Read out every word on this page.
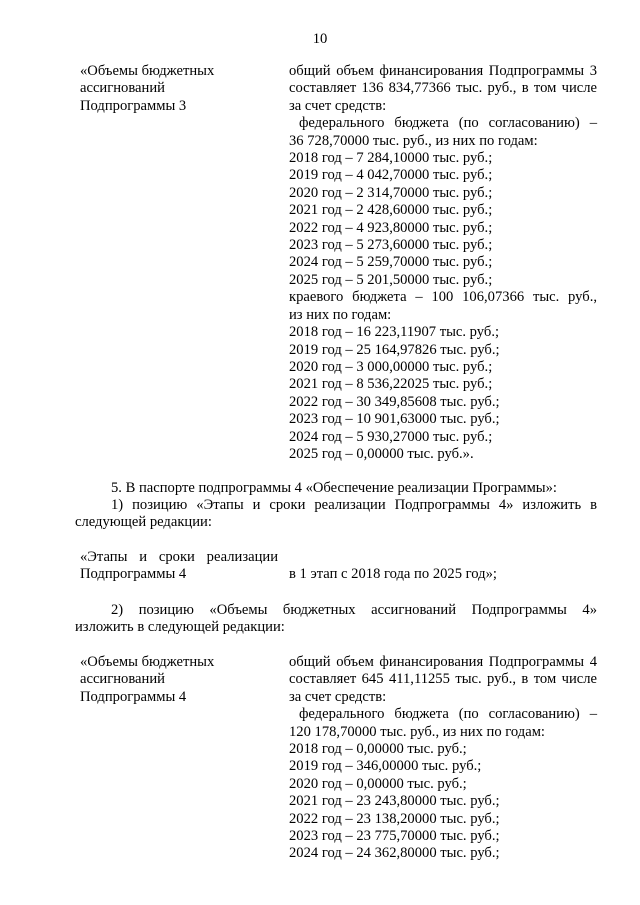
10
«Объемы бюджетных
ассигнований
Подпрограммы 3
общий объем финансирования Подпрограммы 3
составляет 136 834,77366 тыс. руб., в том числе
за счет средств:
федерального бюджета (по согласованию) –
36 728,70000 тыс. руб., из них по годам:
2018 год – 7 284,10000 тыс. руб.;
2019 год – 4 042,70000 тыс. руб.;
2020 год – 2 314,70000 тыс. руб.;
2021 год – 2 428,60000 тыс. руб.;
2022 год – 4 923,80000 тыс. руб.;
2023 год – 5 273,60000 тыс. руб.;
2024 год – 5 259,70000 тыс. руб.;
2025 год – 5 201,50000 тыс. руб.;
краевого бюджета – 100 106,07366 тыс. руб.,
из них по годам:
2018 год – 16 223,11907 тыс. руб.;
2019 год – 25 164,97826 тыс. руб.;
2020 год – 3 000,00000 тыс. руб.;
2021 год – 8 536,22025 тыс. руб.;
2022 год – 30 349,85608 тыс. руб.;
2023 год – 10 901,63000 тыс. руб.;
2024 год – 5 930,27000 тыс. руб.;
2025 год – 0,00000 тыс. руб.».
5. В паспорте подпрограммы 4 «Обеспечение реализации Программы»:
1) позицию «Этапы и сроки реализации Подпрограммы 4» изложить в
следующей редакции:
«Этапы и сроки реализации
Подпрограммы 4	в 1 этап с 2018 года по 2025 год»;
2) позицию «Объемы бюджетных ассигнований Подпрограммы 4»
изложить в следующей редакции:
«Объемы бюджетных
ассигнований
Подпрограммы 4
общий объем финансирования Подпрограммы 4
составляет 645 411,11255 тыс. руб., в том числе
за счет средств:
федерального бюджета (по согласованию) –
120 178,70000 тыс. руб., из них по годам:
2018 год – 0,00000 тыс. руб.;
2019 год – 346,00000 тыс. руб.;
2020 год – 0,00000 тыс. руб.;
2021 год – 23 243,80000 тыс. руб.;
2022 год – 23 138,20000 тыс. руб.;
2023 год – 23 775,70000 тыс. руб.;
2024 год – 24 362,80000 тыс. руб.;
